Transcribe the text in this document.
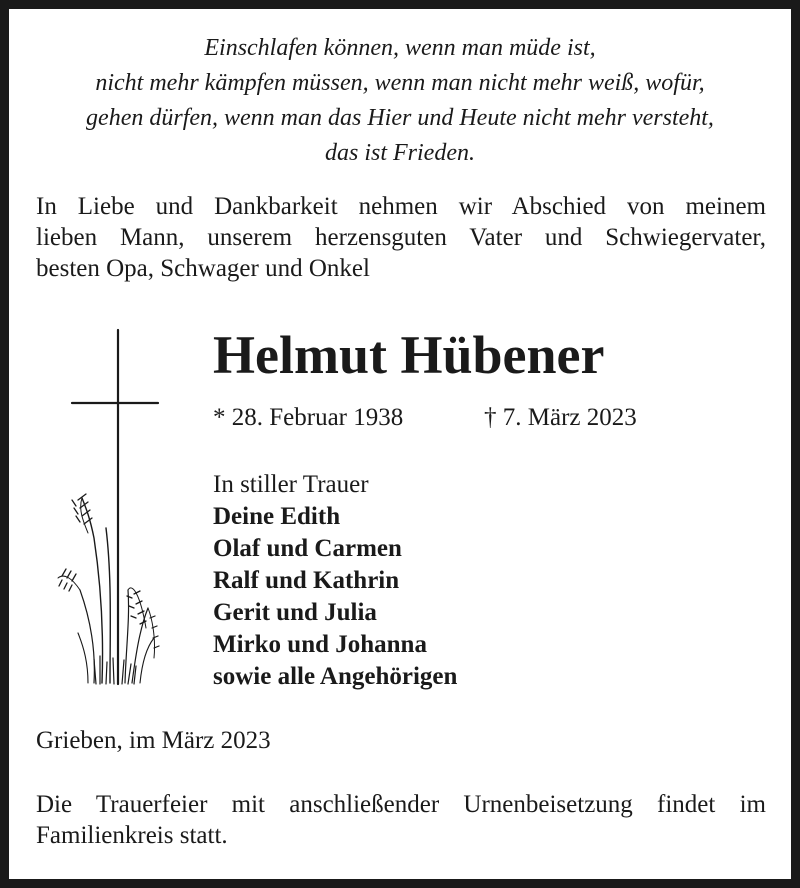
Einschlafen können, wenn man müde ist,
nicht mehr kämpfen müssen, wenn man nicht mehr weiß, wofür,
gehen dürfen, wenn man das Hier und Heute nicht mehr versteht,
das ist Frieden.
In Liebe und Dankbarkeit nehmen wir Abschied von meinem
lieben Mann, unserem herzensguten Vater und Schwiegervater,
besten Opa, Schwager und Onkel
Helmut Hübener
* 28. Februar 1938	† 7. März 2023
In stiller Trauer
Deine Edith
Olaf und Carmen
Ralf und Kathrin
Gerit und Julia
Mirko und Johanna
sowie alle Angehörigen
Grieben, im März 2023
Die Trauerfeier mit anschließender Urnenbeisetzung findet im
Familienkreis statt.
